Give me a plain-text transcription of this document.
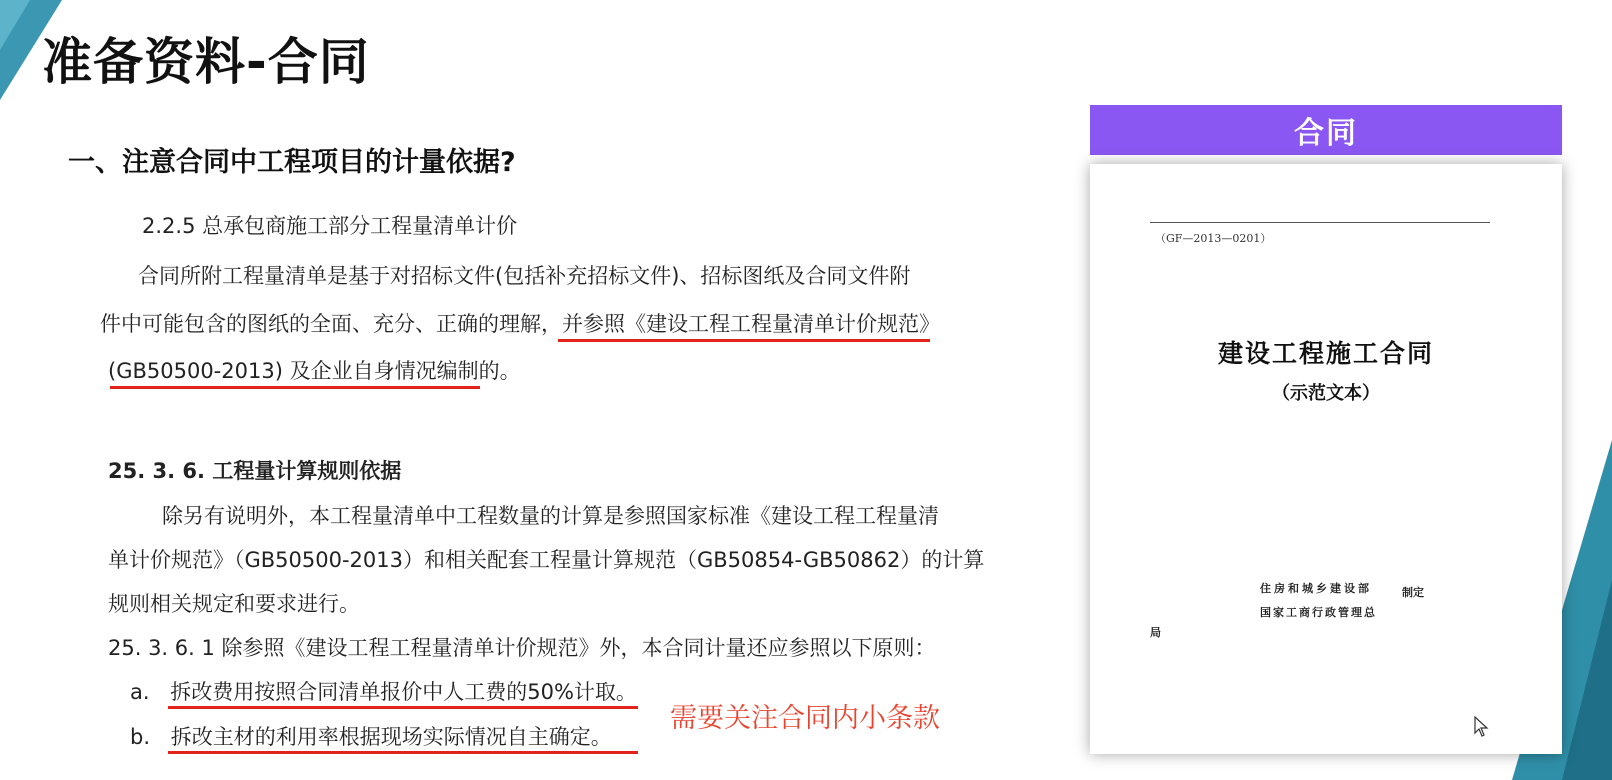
准备资料-合同
一、注意合同中工程项目的计量依据?
2.2.5 总承包商施工部分工程量清单计价
合同所附工程量清单是基于对招标文件(包括补充招标文件)、招标图纸及合同文件附
件中可能包含的图纸的全面、充分、正确的理解，并参照《建设工程工程量清单计价规范》
(GB50500-2013) 及企业自身情况编制的。
25. 3. 6. 工程量计算规则依据
除另有说明外，本工程量清单中工程数量的计算是参照国家标准《建设工程工程量清
单计价规范》（GB50500-2013）和相关配套工程量计算规范（GB50854-GB50862）的计算
规则相关规定和要求进行。
25. 3. 6. 1 除参照《建设工程工程量清单计价规范》外，本合同计量还应参照以下原则：
a. 拆改费用按照合同清单报价中人工费的50%计取。
b. 拆改主材的利用率根据现场实际情况自主确定。
需要关注合同内小条款
合同
（GF—2013—0201）
建设工程施工合同
（示范文本）
住房和城乡建设部	制定
国家工商行政管理总
局
